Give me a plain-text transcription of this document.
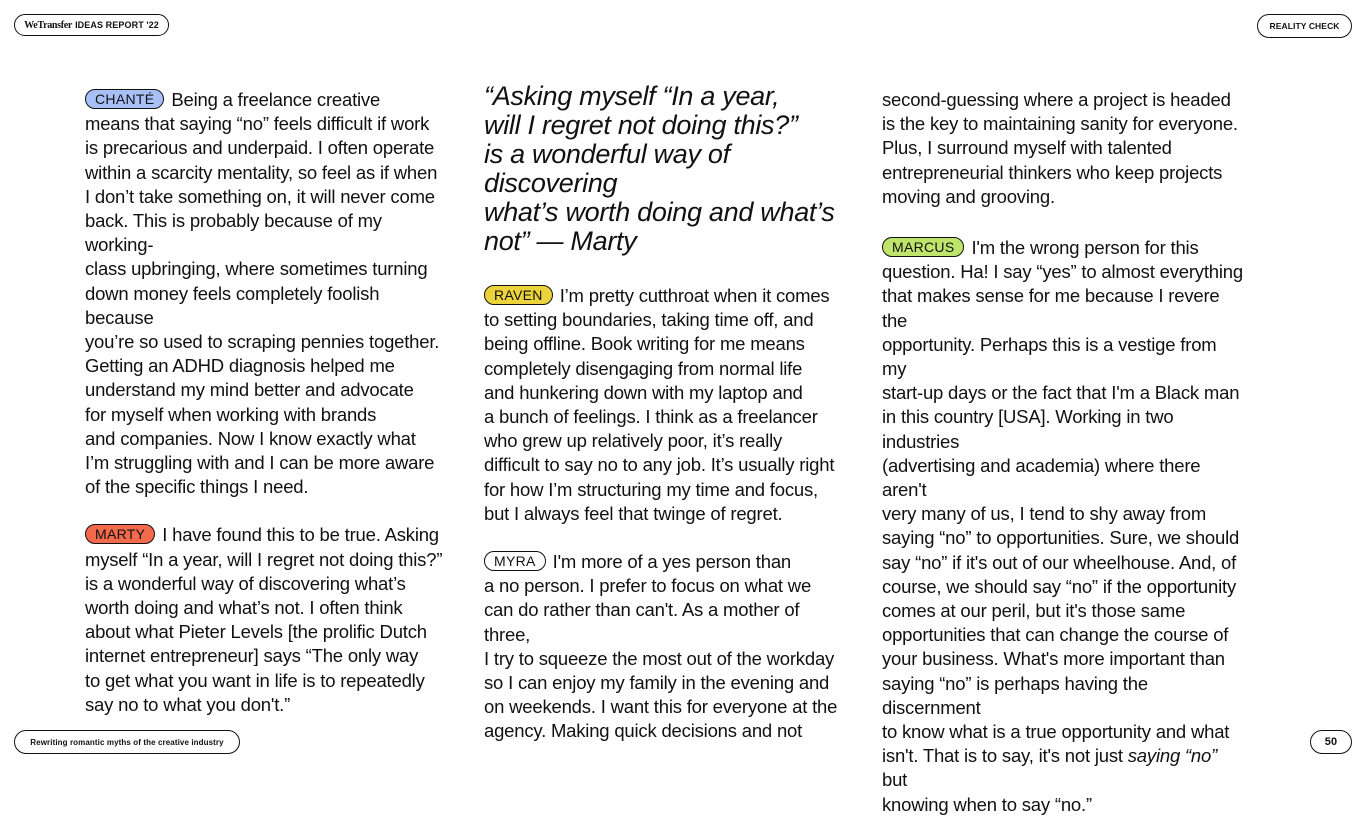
WeTransfer IDEAS REPORT '22	REALITY CHECK
CHANTÉ Being a freelance creative
means that saying “no” feels difficult if work
is precarious and underpaid. I often operate
within a scarcity mentality, so feel as if when
I don’t take something on, it will never come
back. This is probably because of my working-
class upbringing, where sometimes turning
down money feels completely foolish because
you’re so used to scraping pennies together.
Getting an ADHD diagnosis helped me
understand my mind better and advocate
for myself when working with brands
and companies. Now I know exactly what
I’m struggling with and I can be more aware
of the specific things I need.
MARTY I have found this to be true. Asking
myself “In a year, will I regret not doing this?”
is a wonderful way of discovering what’s
worth doing and what’s not. I often think
about what Pieter Levels [the prolific Dutch
internet entrepreneur] says “The only way
to get what you want in life is to repeatedly
say no to what you don't.”
“Asking myself “In a year,
will I regret not doing this?”
is a wonderful way of discovering
what’s worth doing and what’s
not” — Marty
RAVEN I’m pretty cutthroat when it comes
to setting boundaries, taking time off, and
being offline. Book writing for me means
completely disengaging from normal life
and hunkering down with my laptop and
a bunch of feelings. I think as a freelancer
who grew up relatively poor, it’s really
difficult to say no to any job. It’s usually right
for how I’m structuring my time and focus,
but I always feel that twinge of regret.
MYRA I'm more of a yes person than
a no person. I prefer to focus on what we
can do rather than can't. As a mother of three,
I try to squeeze the most out of the workday
so I can enjoy my family in the evening and
on weekends. I want this for everyone at the
agency. Making quick decisions and not
second-guessing where a project is headed
is the key to maintaining sanity for everyone.
Plus, I surround myself with talented
entrepreneurial thinkers who keep projects
moving and grooving.
MARCUS I'm the wrong person for this
question. Ha! I say “yes” to almost everything
that makes sense for me because I revere the
opportunity. Perhaps this is a vestige from my
start-up days or the fact that I'm a Black man
in this country [USA]. Working in two industries
(advertising and academia) where there aren't
very many of us, I tend to shy away from
saying “no” to opportunities. Sure, we should
say “no” if it's out of our wheelhouse. And, of
course, we should say “no” if the opportunity
comes at our peril, but it's those same
opportunities that can change the course of
your business. What's more important than
saying “no” is perhaps having the discernment
to know what is a true opportunity and what
isn't. That is to say, it's not just saying “no” but
knowing when to say “no.”
Rewriting romantic myths of the creative industry	50
